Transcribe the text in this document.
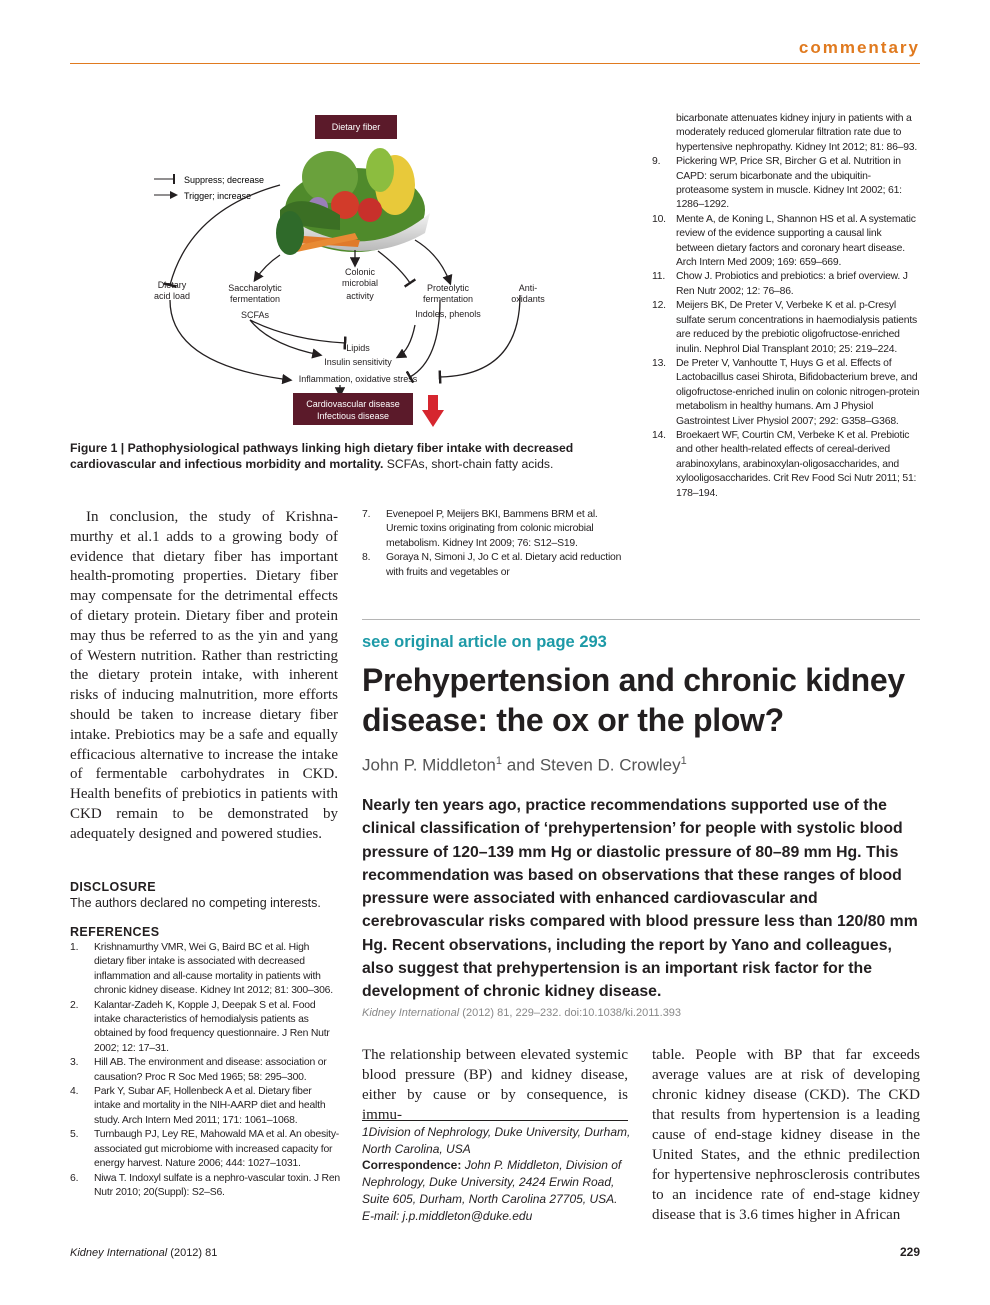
commentary
Dietary fiber
Suppress; decrease
Trigger; increase
Dietary
acid load
Saccharolytic
fermentation
SCFAs
Colonic
microbial
activity
Proteolytic
fermentation
Indoles, phenols
Anti-
oxidants
Lipids
Insulin sensitivity
Inflammation, oxidative stress
Cardiovascular disease
Infectious disease
Figure 1 | Pathophysiological pathways linking high dietary fiber intake with decreased cardiovascular and infectious morbidity and mortality. SCFAs, short-chain fatty acids.

In conclusion, the study of Krishna-murthy et al.1 adds to a growing body of evidence that dietary fiber has important health-promoting properties. Dietary fiber may compensate for the detrimental effects of dietary protein. Dietary fiber and protein may thus be referred to as the yin and yang of Western nutrition. Rather than restricting the dietary protein intake, with inherent risks of inducing malnutrition, more efforts should be taken to increase dietary fiber intake. Prebiotics may be a safe and equally efficacious alternative to increase the intake of fermentable carbohydrates in CKD. Health benefits of prebiotics in patients with CKD remain to be demonstrated by adequately designed and powered studies.

DISCLOSURE
The authors declared no competing interests.
REFERENCES

1. Krishnamurthy VMR, Wei G, Baird BC et al. High dietary fiber intake is associated with decreased inflammation and all-cause mortality in patients with chronic kidney disease. Kidney Int 2012; 81: 300–306.

2. Kalantar-Zadeh K, Kopple J, Deepak S et al. Food intake characteristics of hemodialysis patients as obtained by food frequency questionnaire. J Ren Nutr 2002; 12: 17–31.

3. Hill AB. The environment and disease: association or causation? Proc R Soc Med 1965; 58: 295–300.

4. Park Y, Subar AF, Hollenbeck A et al. Dietary fiber intake and mortality in the NIH-AARP diet and health study. Arch Intern Med 2011; 171: 1061–1068.

5. Turnbaugh PJ, Ley RE, Mahowald MA et al. An obesity-associated gut microbiome with increased capacity for energy harvest. Nature 2006; 444: 1027–1031.

6. Niwa T. Indoxyl sulfate is a nephro-vascular toxin. J Ren Nutr 2010; 20(Suppl): S2–S6.

7. Evenepoel P, Meijers BKI, Bammens BRM et al. Uremic toxins originating from colonic microbial metabolism. Kidney Int 2009; 76: S12–S19.

8. Goraya N, Simoni J, Jo C et al. Dietary acid reduction with fruits and vegetables or

bicarbonate attenuates kidney injury in patients with a moderately reduced glomerular filtration rate due to hypertensive nephropathy. Kidney Int 2012; 81: 86–93.

9. Pickering WP, Price SR, Bircher G et al. Nutrition in CAPD: serum bicarbonate and the ubiquitin-proteasome system in muscle. Kidney Int 2002; 61: 1286–1292.

10. Mente A, de Koning L, Shannon HS et al. A systematic review of the evidence supporting a causal link between dietary factors and coronary heart disease. Arch Intern Med 2009; 169: 659–669.

11. Chow J. Probiotics and prebiotics: a brief overview. J Ren Nutr 2002; 12: 76–86.

12. Meijers BK, De Preter V, Verbeke K et al. p-Cresyl sulfate serum concentrations in haemodialysis patients are reduced by the prebiotic oligofructose-enriched inulin. Nephrol Dial Transplant 2010; 25: 219–224.

13. De Preter V, Vanhoutte T, Huys G et al. Effects of Lactobacillus casei Shirota, Bifidobacterium breve, and oligofructose-enriched inulin on colonic nitrogen-protein metabolism in healthy humans. Am J Physiol Gastrointest Liver Physiol 2007; 292: G358–G368.

14. Broekaert WF, Courtin CM, Verbeke K et al. Prebiotic and other health-related effects of cereal-derived arabinoxylans, arabinoxylan-oligosaccharides, and xylooligosaccharides. Crit Rev Food Sci Nutr 2011; 51: 178–194.

see original article on page 293
Prehypertension and chronic kidney disease: the ox or the plow?
John P. Middleton$^1$ and Steven D. Crowley$^1$
Nearly ten years ago, practice recommendations supported use of the clinical classification of ‘prehypertension’ for people with systolic blood pressure of 120–139 mm Hg or diastolic pressure of 80–89 mm Hg. This recommendation was based on observations that these ranges of blood pressure were associated with enhanced cardiovascular and cerebrovascular risks compared with blood pressure less than 120/80 mm Hg. Recent observations, including the report by Yano and colleagues, also suggest that prehypertension is an important risk factor for the development of chronic kidney disease.
Kidney International (2012) 81, 229–232. doi:10.1038/ki.2011.393
The relationship between elevated systemic blood pressure (BP) and kidney disease, either by cause or by consequence, is immu-
1Division of Nephrology, Duke University, Durham, North Carolina, USA
Correspondence: John P. Middleton, Division of Nephrology, Duke University, 2424 Erwin Road, Suite 605, Durham, North Carolina 27705, USA.
E-mail: j.p.middleton@duke.edu
table. People with BP that far exceeds average values are at risk of developing chronic kidney disease (CKD). The CKD that results from hypertension is a leading cause of end-stage kidney disease in the United States, and the ethnic predilection for hypertensive nephrosclerosis contributes to an incidence rate of end-stage kidney disease that is 3.6 times higher in African
Kidney International (2012) 81	229
